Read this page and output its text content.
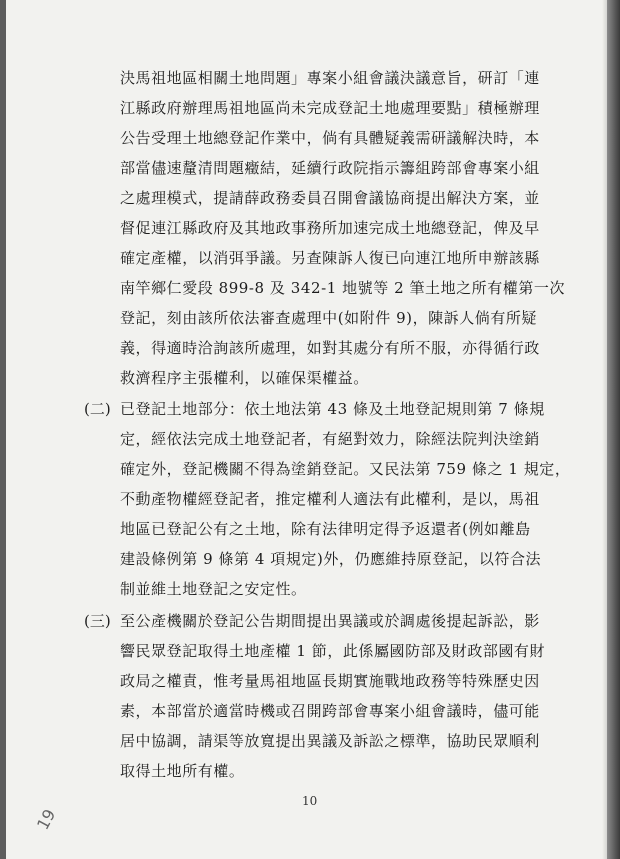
決馬祖地區相關土地問題」專案小組會議決議意旨，研訂「連
江縣政府辦理馬祖地區尚未完成登記土地處理要點」積極辦理
公告受理土地總登記作業中，倘有具體疑義需研議解決時，本
部當儘速釐清問題癥結，延續行政院指示籌組跨部會專案小組
之處理模式，提請薛政務委員召開會議協商提出解決方案，並
督促連江縣政府及其地政事務所加速完成土地總登記，俾及早
確定產權，以消弭爭議。另查陳訴人復已向連江地所申辦該縣
南竿鄉仁愛段 899-8 及 342-1 地號等 2 筆土地之所有權第一次
登記，刻由該所依法審查處理中(如附件 9)，陳訴人倘有所疑
義，得適時洽詢該所處理，如對其處分有所不服，亦得循行政
救濟程序主張權利，以確保渠權益。
(二) 已登記土地部分：依土地法第 43 條及土地登記規則第 7 條規
定，經依法完成土地登記者，有絕對效力，除經法院判決塗銷
確定外，登記機關不得為塗銷登記。又民法第 759 條之 1 規定，
不動產物權經登記者，推定權利人適法有此權利，是以，馬祖
地區已登記公有之土地，除有法律明定得予返還者(例如離島
建設條例第 9 條第 4 項規定)外，仍應維持原登記，以符合法
制並維土地登記之安定性。
(三) 至公產機關於登記公告期間提出異議或於調處後提起訴訟，影
響民眾登記取得土地產權 1 節，此係屬國防部及財政部國有財
政局之權責，惟考量馬祖地區長期實施戰地政務等特殊歷史因
素，本部當於適當時機或召開跨部會專案小組會議時，儘可能
居中協調，請渠等放寬提出異議及訴訟之標準，協助民眾順利
取得土地所有權。
10
19
